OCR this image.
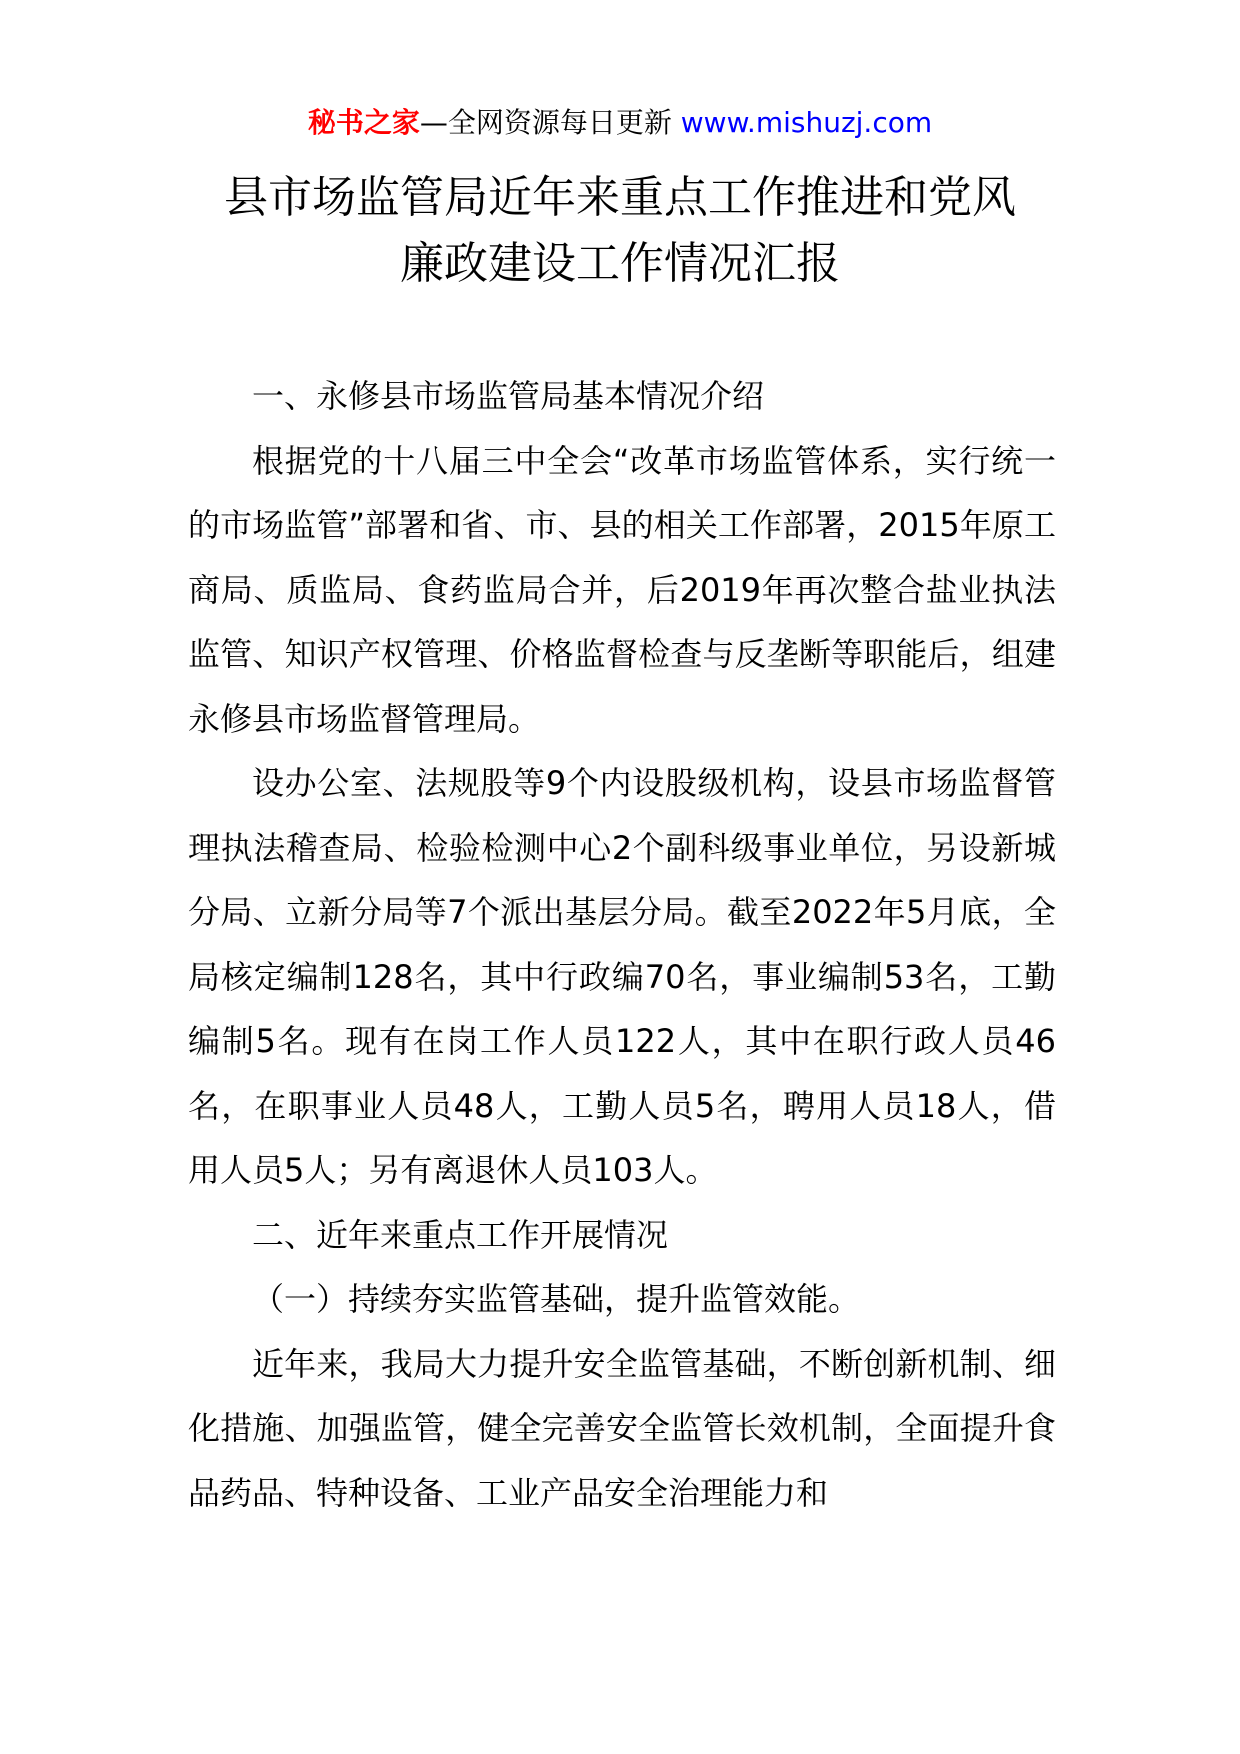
秘书之家—全网资源每日更新 www.mishuzj.com
县市场监管局近年来重点工作推进和党风
廉政建设工作情况汇报

一、永修县市场监管局基本情况介绍

根据党的十八届三中全会“改革市场监管体系，实行统一的市场监管”部署和省、市、县的相关工作部署，2015年原工商局、质监局、食药监局合并，后2019年再次整合盐业执法监管、知识产权管理、价格监督检查与反垄断等职能后，组建永修县市场监督管理局。

设办公室、法规股等9个内设股级机构，设县市场监督管理执法稽查局、检验检测中心2个副科级事业单位，另设新城分局、立新分局等7个派出基层分局。截至2022年5月底，全局核定编制128名，其中行政编70名，事业编制53名，工勤编制5名。现有在岗工作人员122人，其中在职行政人员46名，在职事业人员48人，工勤人员5名，聘用人员18人，借用人员5人；另有离退休人员103人。

二、近年来重点工作开展情况

（一）持续夯实监管基础，提升监管效能。

近年来，我局大力提升安全监管基础，不断创新机制、细化措施、加强监管，健全完善安全监管长效机制，全面提升食品药品、特种设备、工业产品安全治理能力和
